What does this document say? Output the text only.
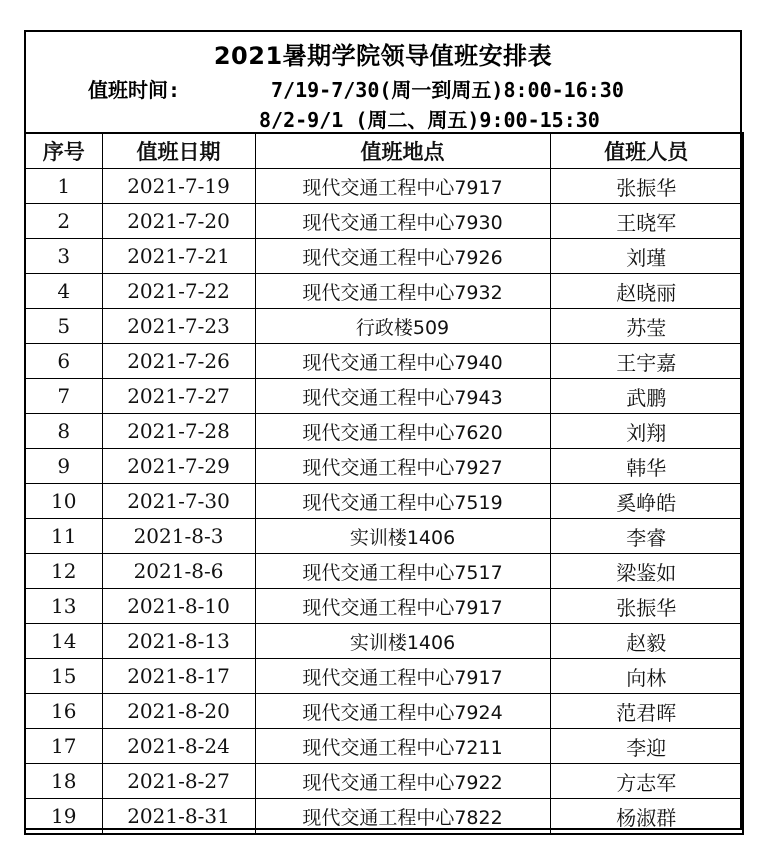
2021暑期学院领导值班安排表
值班时间:	7/19-7/30(周一到周五)8:00-16:30
8/2-9/1 (周二、周五)9:00-15:30
序号	值班日期	值班地点	值班人员
1	2021-7-19	现代交通工程中心7917	张振华
2	2021-7-20	现代交通工程中心7930	王晓军
3	2021-7-21	现代交通工程中心7926	刘瑾
4	2021-7-22	现代交通工程中心7932	赵晓丽
5	2021-7-23	行政楼509	苏莹
6	2021-7-26	现代交通工程中心7940	王宇嘉
7	2021-7-27	现代交通工程中心7943	武鹏
8	2021-7-28	现代交通工程中心7620	刘翔
9	2021-7-29	现代交通工程中心7927	韩华
10	2021-7-30	现代交通工程中心7519	奚峥皓
11	2021-8-3	实训楼1406	李睿
12	2021-8-6	现代交通工程中心7517	梁鉴如
13	2021-8-10	现代交通工程中心7917	张振华
14	2021-8-13	实训楼1406	赵毅
15	2021-8-17	现代交通工程中心7917	向林
16	2021-8-20	现代交通工程中心7924	范君晖
17	2021-8-24	现代交通工程中心7211	李迎
18	2021-8-27	现代交通工程中心7922	方志军
19	2021-8-31	现代交通工程中心7822	杨淑群
